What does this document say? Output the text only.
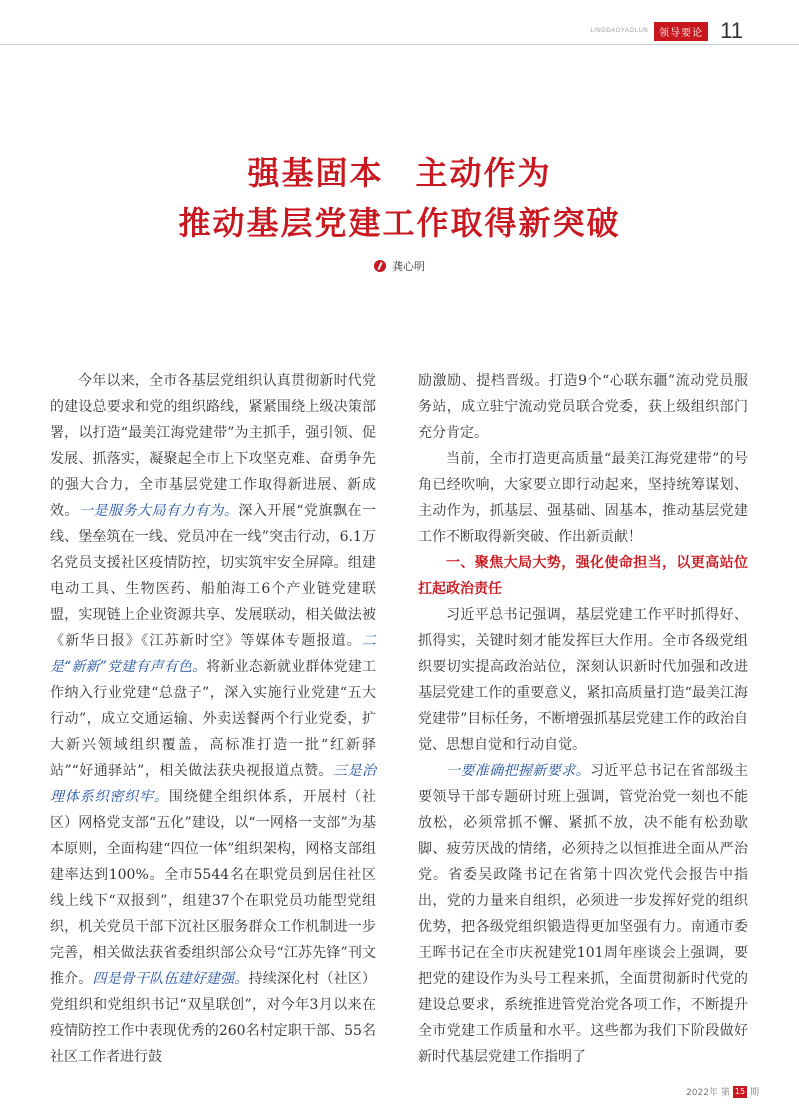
LINGDAOYAOLUN	领导要论 11
强基固本 主动作为
推动基层党建工作取得新突破
龚心明

今年以来，全市各基层党组织认真贯彻新时代党的建设总要求和党的组织路线，紧紧围绕上级决策部署，以打造“最美江海党建带”为主抓手，强引领、促发展、抓落实，凝聚起全市上下攻坚克难、奋勇争先的强大合力，全市基层党建工作取得新进展、新成效。一是服务大局有力有为。深入开展“党旗飘在一线、堡垒筑在一线、党员冲在一线”突击行动，6.1万名党员支援社区疫情防控，切实筑牢安全屏障。组建电动工具、生物医药、船舶海工6个产业链党建联盟，实现链上企业资源共享、发展联动，相关做法被《新华日报》《江苏新时空》等媒体专题报道。二是“新新”党建有声有色。将新业态新就业群体党建工作纳入行业党建“总盘子”，深入实施行业党建“五大行动”，成立交通运输、外卖送餐两个行业党委，扩大新兴领域组织覆盖，高标准打造一批“红新驿站”“好通驿站”，相关做法获央视报道点赞。三是治理体系织密织牢。围绕健全组织体系，开展村（社区）网格党支部“五化”建设，以“一网格一支部”为基本原则，全面构建“四位一体”组织架构，网格支部组建率达到100%。全市5544名在职党员到居住社区线上线下“双报到”，组建37个在职党员功能型党组织，机关党员干部下沉社区服务群众工作机制进一步完善，相关做法获省委组织部公众号“江苏先锋”刊文推介。四是骨干队伍建好建强。持续深化村（社区）党组织和党组织书记“双星联创”，对今年3月以来在疫情防控工作中表现优秀的260名村定职干部、55名社区工作者进行鼓

励激励、提档晋级。打造9个“心联东疆”流动党员服务站，成立驻宁流动党员联合党委，获上级组织部门充分肯定。

当前，全市打造更高质量“最美江海党建带”的号角已经吹响，大家要立即行动起来，坚持统筹谋划、主动作为，抓基层、强基础、固基本，推动基层党建工作不断取得新突破、作出新贡献！

一、聚焦大局大势，强化使命担当，以更高站位扛起政治责任

习近平总书记强调，基层党建工作平时抓得好、抓得实，关键时刻才能发挥巨大作用。全市各级党组织要切实提高政治站位，深刻认识新时代加强和改进基层党建工作的重要意义，紧扣高质量打造“最美江海党建带”目标任务，不断增强抓基层党建工作的政治自觉、思想自觉和行动自觉。

一要准确把握新要求。习近平总书记在省部级主要领导干部专题研讨班上强调，管党治党一刻也不能放松，必须常抓不懈、紧抓不放，决不能有松劲歇脚、疲劳厌战的情绪，必须持之以恒推进全面从严治党。省委吴政隆书记在省第十四次党代会报告中指出，党的力量来自组织，必须进一步发挥好党的组织优势，把各级党组织锻造得更加坚强有力。南通市委王晖书记在全市庆祝建党101周年座谈会上强调，要把党的建设作为头号工程来抓，全面贯彻新时代党的建设总要求，系统推进管党治党各项工作，不断提升全市党建工作质量和水平。这些都为我们下阶段做好新时代基层党建工作指明了

2022年 第 15 期
